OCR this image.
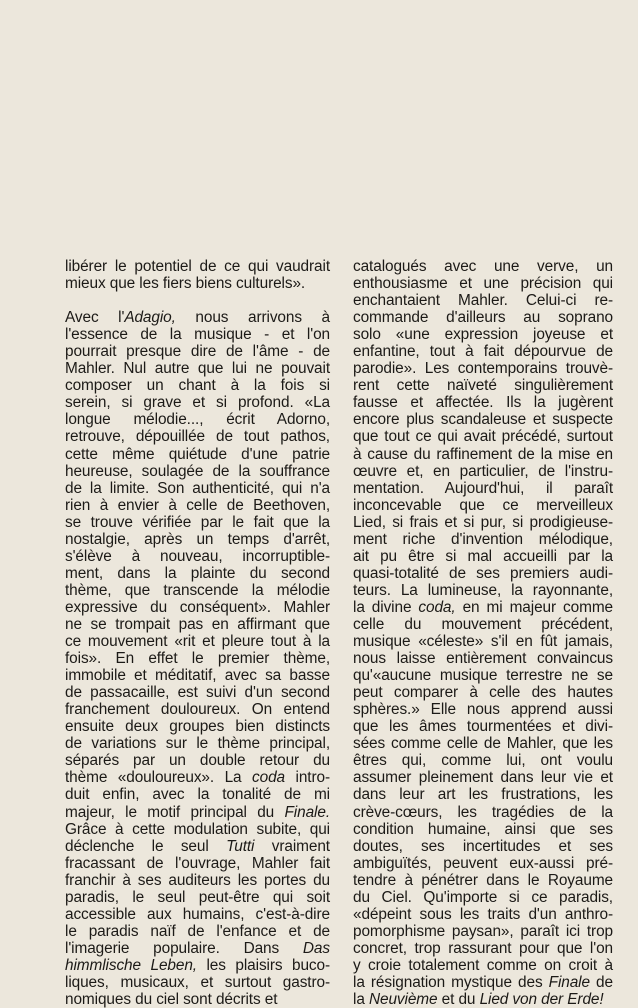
libérer le potentiel de ce qui vaudrait
mieux que les fiers biens culturels».
Avec l'Adagio, nous arrivons à
l'essence de la musique - et l'on
pourrait presque dire de l'âme - de
Mahler. Nul autre que lui ne pouvait
composer un chant à la fois si
serein, si grave et si profond. «La
longue mélodie..., écrit Adorno,
retrouve, dépouillée de tout pathos,
cette même quiétude d'une patrie
heureuse, soulagée de la souffrance
de la limite. Son authenticité, qui n'a
rien à envier à celle de Beethoven,
se trouve vérifiée par le fait que la
nostalgie, après un temps d'arrêt,
s'élève à nouveau, incorruptible-
ment, dans la plainte du second
thème, que transcende la mélodie
expressive du conséquent». Mahler
ne se trompait pas en affirmant que
ce mouvement «rit et pleure tout à la
fois». En effet le premier thème,
immobile et méditatif, avec sa basse
de passacaille, est suivi d'un second
franchement douloureux. On entend
ensuite deux groupes bien distincts
de variations sur le thème principal,
séparés par un double retour du
thème «douloureux». La coda intro-
duit enfin, avec la tonalité de mi
majeur, le motif principal du Finale.
Grâce à cette modulation subite, qui
déclenche le seul Tutti vraiment
fracassant de l'ouvrage, Mahler fait
franchir à ses auditeurs les portes du
paradis, le seul peut-être qui soit
accessible aux humains, c'est-à-dire
le paradis naïf de l'enfance et de
l'imagerie populaire. Dans Das
himmlische Leben, les plaisirs buco-
liques, musicaux, et surtout gastro-
nomiques du ciel sont décrits et
catalogués avec une verve, un
enthousiasme et une précision qui
enchantaient Mahler. Celui-ci re-
commande d'ailleurs au soprano
solo «une expression joyeuse et
enfantine, tout à fait dépourvue de
parodie». Les contemporains trouvè-
rent cette naïveté singulièrement
fausse et affectée. Ils la jugèrent
encore plus scandaleuse et suspecte
que tout ce qui avait précédé, surtout
à cause du raffinement de la mise en
œuvre et, en particulier, de l'instru-
mentation. Aujourd'hui, il paraît
inconcevable que ce merveilleux
Lied, si frais et si pur, si prodigieuse-
ment riche d'invention mélodique,
ait pu être si mal accueilli par la
quasi-totalité de ses premiers audi-
teurs. La lumineuse, la rayonnante,
la divine coda, en mi majeur comme
celle du mouvement précédent,
musique «céleste» s'il en fût jamais,
nous laisse entièrement convaincus
qu'«aucune musique terrestre ne se
peut comparer à celle des hautes
sphères.» Elle nous apprend aussi
que les âmes tourmentées et divi-
sées comme celle de Mahler, que les
êtres qui, comme lui, ont voulu
assumer pleinement dans leur vie et
dans leur art les frustrations, les
crève-cœurs, les tragédies de la
condition humaine, ainsi que ses
doutes, ses incertitudes et ses
ambiguïtés, peuvent eux-aussi pré-
tendre à pénétrer dans le Royaume
du Ciel. Qu'importe si ce paradis,
«dépeint sous les traits d'un anthro-
pomorphisme paysan», paraît ici trop
concret, trop rassurant pour que l'on
y croie totalement comme on croit à
la résignation mystique des Finale de
la Neuvième et du Lied von der Erde!
